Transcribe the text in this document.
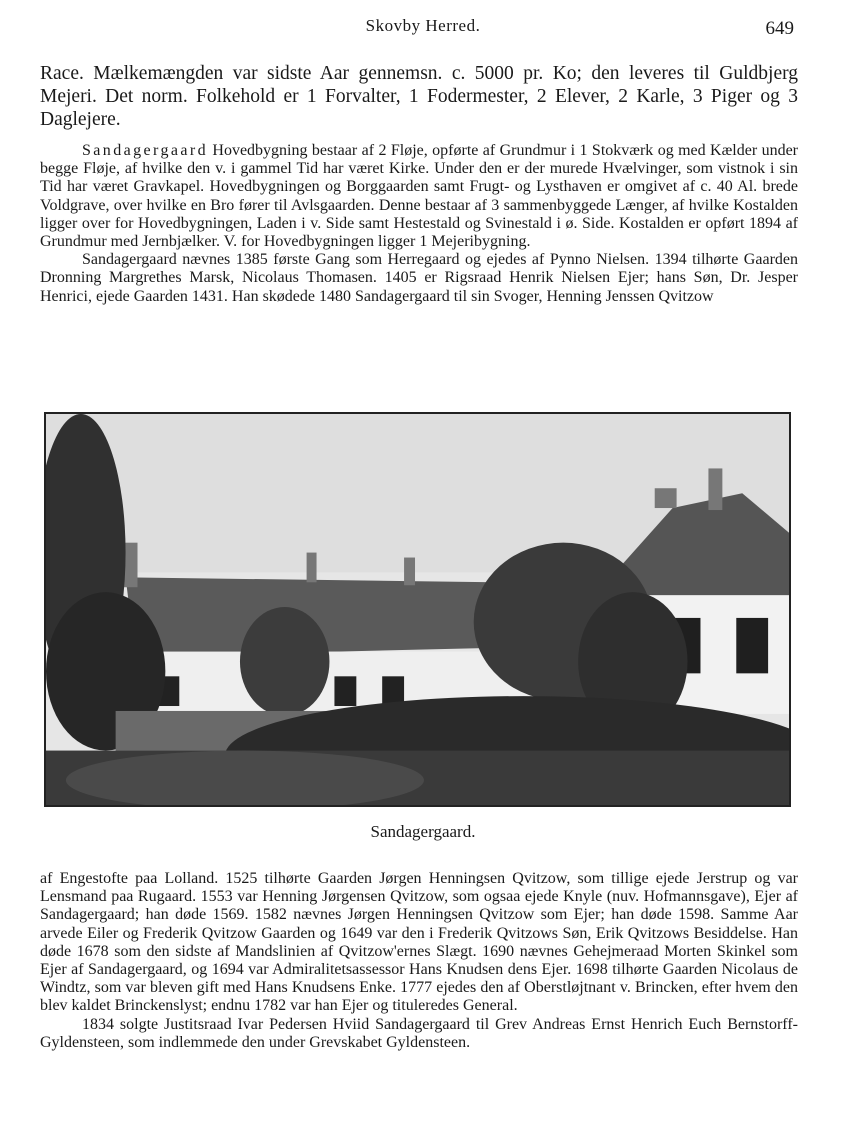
Skovby Herred.	649
Race. Mælkemængden var sidste Aar gennemsn. c. 5000 pr. Ko; den leveres til Guldbjerg Mejeri. Det norm. Folkehold er 1 Forvalter, 1 Fodermester, 2 Elever, 2 Karle, 3 Piger og 3 Daglejere.

Sandagergaard Hovedbygning bestaar af 2 Fløje, opførte af Grundmur i 1 Stokværk og med Kælder under begge Fløje, af hvilke den v. i gammel Tid har været Kirke. Under den er der murede Hvælvinger, som vistnok i sin Tid har været Gravkapel. Hovedbygningen og Borggaarden samt Frugt- og Lysthaven er omgivet af c. 40 Al. brede Voldgrave, over hvilke en Bro fører til Avlsgaarden. Denne bestaar af 3 sammenbyggede Længer, af hvilke Kostalden ligger over for Hovedbygningen, Laden i v. Side samt Hestestald og Svinestald i ø. Side. Kostalden er opført 1894 af Grundmur med Jernbjælker. V. for Hovedbygningen ligger 1 Mejeribygning.

Sandagergaard nævnes 1385 første Gang som Herregaard og ejedes af Pynno Nielsen. 1394 tilhørte Gaarden Dronning Margrethes Marsk, Nicolaus Thomasen. 1405 er Rigsraad Henrik Nielsen Ejer; hans Søn, Dr. Jesper Henrici, ejede Gaarden 1431. Han skødede 1480 Sandagergaard til sin Svoger, Henning Jenssen Qvitzow

Sandagergaard.

af Engestofte paa Lolland. 1525 tilhørte Gaarden Jørgen Henningsen Qvitzow, som tillige ejede Jerstrup og var Lensmand paa Rugaard. 1553 var Henning Jørgensen Qvitzow, som ogsaa ejede Knyle (nuv. Hofmannsgave), Ejer af Sandagergaard; han døde 1569. 1582 nævnes Jørgen Henningsen Qvitzow som Ejer; han døde 1598. Samme Aar arvede Eiler og Frederik Qvitzow Gaarden og 1649 var den i Frederik Qvitzows Søn, Erik Qvitzows Besiddelse. Han døde 1678 som den sidste af Mandslinien af Qvitzow'ernes Slægt. 1690 nævnes Gehejmeraad Morten Skinkel som Ejer af Sandagergaard, og 1694 var Admiralitetsassessor Hans Knudsen dens Ejer. 1698 tilhørte Gaarden Nicolaus de Windtz, som var bleven gift med Hans Knudsens Enke. 1777 ejedes den af Oberstløjtnant v. Brincken, efter hvem den blev kaldet Brinckenslyst; endnu 1782 var han Ejer og tituleredes General.

1834 solgte Justitsraad Ivar Pedersen Hviid Sandagergaard til Grev Andreas Ernst Henrich Euch Bernstorff-Gyldensteen, som indlemmede den under Grevskabet Gyldensteen.
